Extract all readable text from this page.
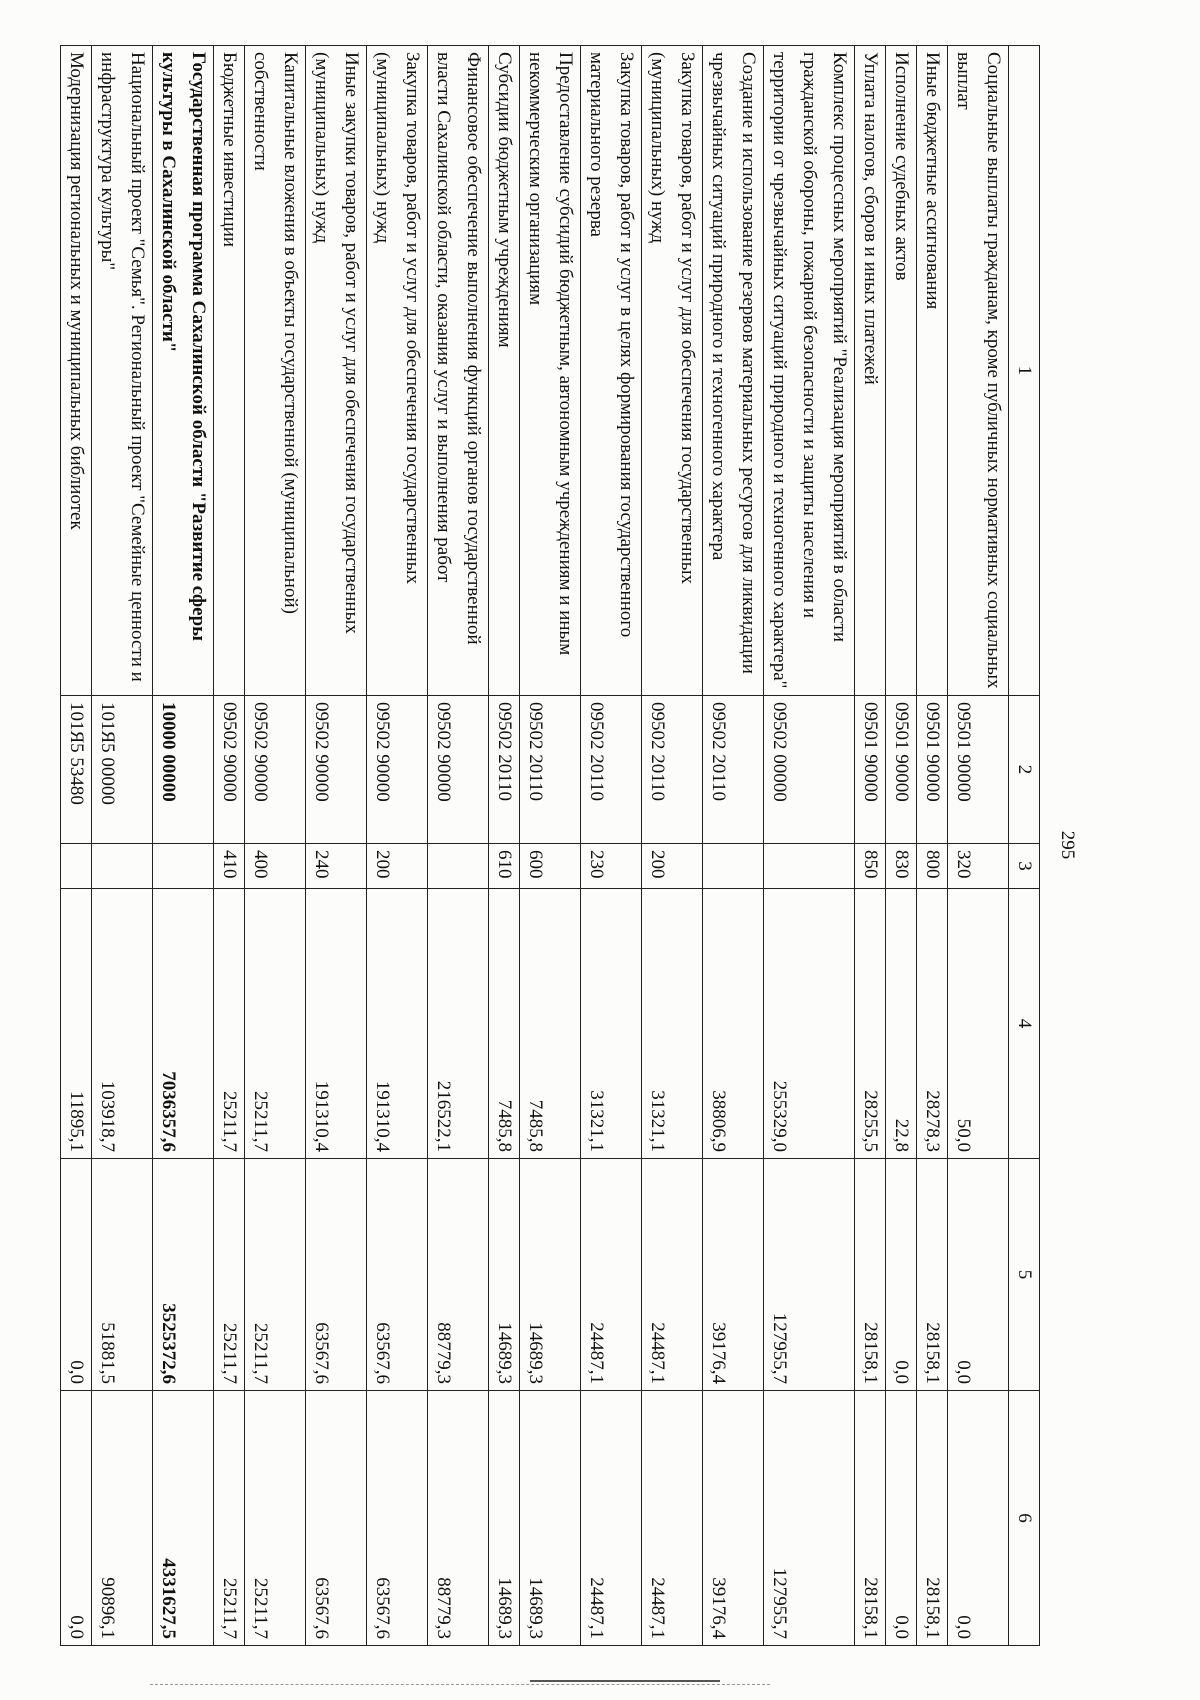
295
1	2	3	4	5	6
Социальные выплаты гражданам, кроме публичных нормативных социальных выплат	09501 90000	320	50,0	0,0	0,0
Иные бюджетные ассигнования	09501 90000	800	28278,3	28158,1	28158,1
Исполнение судебных актов	09501 90000	830	22,8	0,0	0,0
Уплата налогов, сборов и иных платежей	09501 90000	850	28255,5	28158,1	28158,1
Комплекс процессных мероприятий "Реализация мероприятий в области гражданской обороны, пожарной безопасности и защиты населения и территории от чрезвычайных ситуаций природного и техногенного характера"	09502 00000		255329,0	127955,7	127955,7
Создание и использование резервов материальных ресурсов для ликвидации чрезвычайных ситуаций природного и техногенного характера	09502 20110		38806,9	39176,4	39176,4
Закупка товаров, работ и услуг для обеспечения государственных (муниципальных) нужд	09502 20110	200	31321,1	24487,1	24487,1
Закупка товаров, работ и услуг в целях формирования государственного материального резерва	09502 20110	230	31321,1	24487,1	24487,1
Предоставление субсидий бюджетным, автономным учреждениям и иным некоммерческим организациям	09502 20110	600	7485,8	14689,3	14689,3
Субсидии бюджетным учреждениям	09502 20110	610	7485,8	14689,3	14689,3
Финансовое обеспечение выполнения функций органов государственной власти Сахалинской области, оказания услуг и выполнения работ	09502 90000		216522,1	88779,3	88779,3
Закупка товаров, работ и услуг для обеспечения государственных (муниципальных) нужд	09502 90000	200	191310,4	63567,6	63567,6
Иные закупки товаров, работ и услуг для обеспечения государственных (муниципальных) нужд	09502 90000	240	191310,4	63567,6	63567,6
Капитальные вложения в объекты государственной (муниципальной) собственности	09502 90000	400	25211,7	25211,7	25211,7
Бюджетные инвестиции	09502 90000	410	25211,7	25211,7	25211,7
Государственная программа Сахалинской области "Развитие сферы культуры в Сахалинской области"	10000 00000		7036357,6	3525372,6	4331627,5
Национальный проект "Семья". Региональный проект "Семейные ценности и инфраструктура культуры"	101Я5 00000		103918,7	51881,5	90896,1
Модернизация региональных и муниципальных библиотек	101Я5 53480		11895,1	0,0	0,0
